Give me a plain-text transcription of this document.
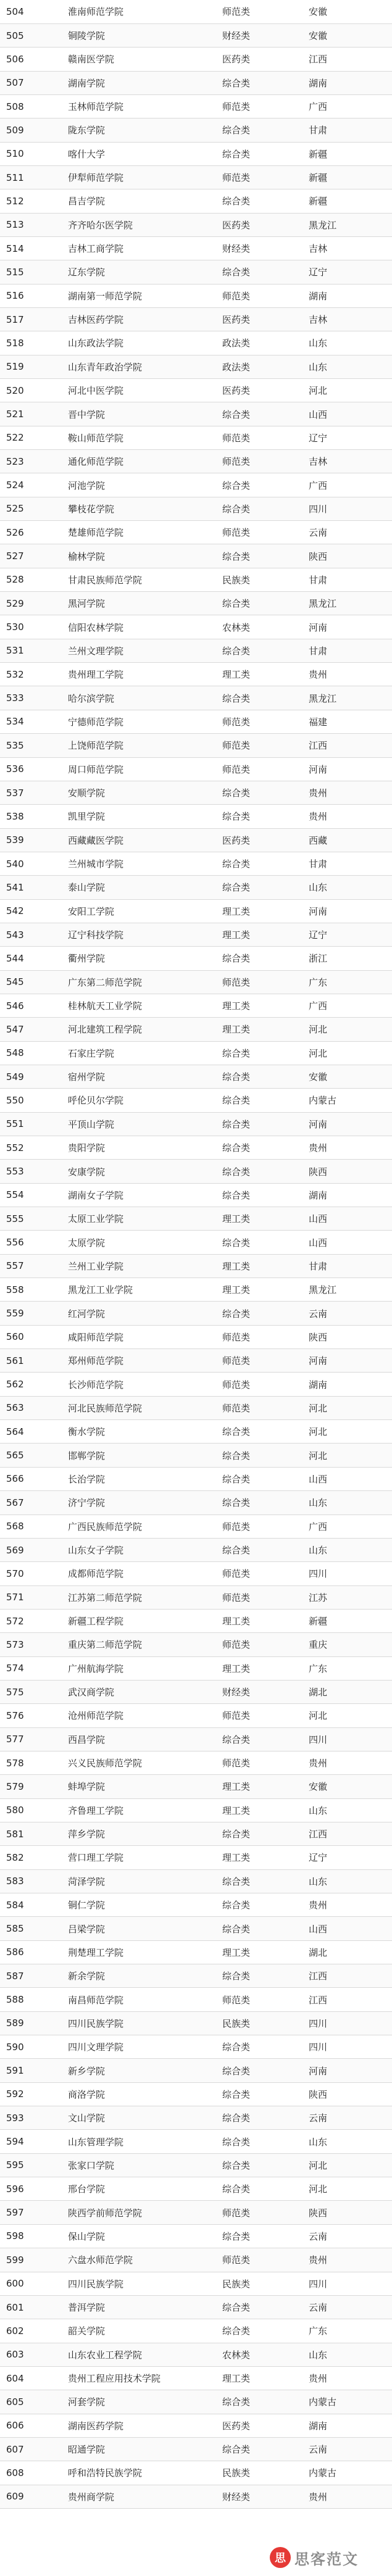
504	淮南师范学院	师范类	安徽
505	铜陵学院	财经类	安徽
506	赣南医学院	医药类	江西
507	湖南学院	综合类	湖南
508	玉林师范学院	师范类	广西
509	陇东学院	综合类	甘肃
510	喀什大学	综合类	新疆
511	伊犁师范学院	师范类	新疆
512	昌吉学院	综合类	新疆
513	齐齐哈尔医学院	医药类	黑龙江
514	吉林工商学院	财经类	吉林
515	辽东学院	综合类	辽宁
516	湖南第一师范学院	师范类	湖南
517	吉林医药学院	医药类	吉林
518	山东政法学院	政法类	山东
519	山东青年政治学院	政法类	山东
520	河北中医学院	医药类	河北
521	晋中学院	综合类	山西
522	鞍山师范学院	师范类	辽宁
523	通化师范学院	师范类	吉林
524	河池学院	综合类	广西
525	攀枝花学院	综合类	四川
526	楚雄师范学院	师范类	云南
527	榆林学院	综合类	陕西
528	甘肃民族师范学院	民族类	甘肃
529	黑河学院	综合类	黑龙江
530	信阳农林学院	农林类	河南
531	兰州文理学院	综合类	甘肃
532	贵州理工学院	理工类	贵州
533	哈尔滨学院	综合类	黑龙江
534	宁德师范学院	师范类	福建
535	上饶师范学院	师范类	江西
536	周口师范学院	师范类	河南
537	安顺学院	综合类	贵州
538	凯里学院	综合类	贵州
539	西藏藏医学院	医药类	西藏
540	兰州城市学院	综合类	甘肃
541	泰山学院	综合类	山东
542	安阳工学院	理工类	河南
543	辽宁科技学院	理工类	辽宁
544	衢州学院	综合类	浙江
545	广东第二师范学院	师范类	广东
546	桂林航天工业学院	理工类	广西
547	河北建筑工程学院	理工类	河北
548	石家庄学院	综合类	河北
549	宿州学院	综合类	安徽
550	呼伦贝尔学院	综合类	内蒙古
551	平顶山学院	综合类	河南
552	贵阳学院	综合类	贵州
553	安康学院	综合类	陕西
554	湖南女子学院	综合类	湖南
555	太原工业学院	理工类	山西
556	太原学院	综合类	山西
557	兰州工业学院	理工类	甘肃
558	黑龙江工业学院	理工类	黑龙江
559	红河学院	综合类	云南
560	咸阳师范学院	师范类	陕西
561	郑州师范学院	师范类	河南
562	长沙师范学院	师范类	湖南
563	河北民族师范学院	师范类	河北
564	衡水学院	综合类	河北
565	邯郸学院	综合类	河北
566	长治学院	综合类	山西
567	济宁学院	综合类	山东
568	广西民族师范学院	师范类	广西
569	山东女子学院	综合类	山东
570	成都师范学院	师范类	四川
571	江苏第二师范学院	师范类	江苏
572	新疆工程学院	理工类	新疆
573	重庆第二师范学院	师范类	重庆
574	广州航海学院	理工类	广东
575	武汉商学院	财经类	湖北
576	沧州师范学院	师范类	河北
577	西昌学院	综合类	四川
578	兴义民族师范学院	师范类	贵州
579	蚌埠学院	理工类	安徽
580	齐鲁理工学院	理工类	山东
581	萍乡学院	综合类	江西
582	营口理工学院	理工类	辽宁
583	菏泽学院	综合类	山东
584	铜仁学院	综合类	贵州
585	吕梁学院	综合类	山西
586	荆楚理工学院	理工类	湖北
587	新余学院	综合类	江西
588	南昌师范学院	师范类	江西
589	四川民族学院	民族类	四川
590	四川文理学院	综合类	四川
591	新乡学院	综合类	河南
592	商洛学院	综合类	陕西
593	文山学院	综合类	云南
594	山东管理学院	综合类	山东
595	张家口学院	综合类	河北
596	邢台学院	综合类	河北
597	陕西学前师范学院	师范类	陕西
598	保山学院	综合类	云南
599	六盘水师范学院	师范类	贵州
600	四川民族学院	民族类	四川
601	普洱学院	综合类	云南
602	韶关学院	综合类	广东
603	山东农业工程学院	农林类	山东
604	贵州工程应用技术学院	理工类	贵州
605	河套学院	综合类	内蒙古
606	湖南医药学院	医药类	湖南
607	昭通学院	综合类	云南
608	呼和浩特民族学院	民族类	内蒙古
609	贵州商学院	财经类	贵州
思 思客范文
